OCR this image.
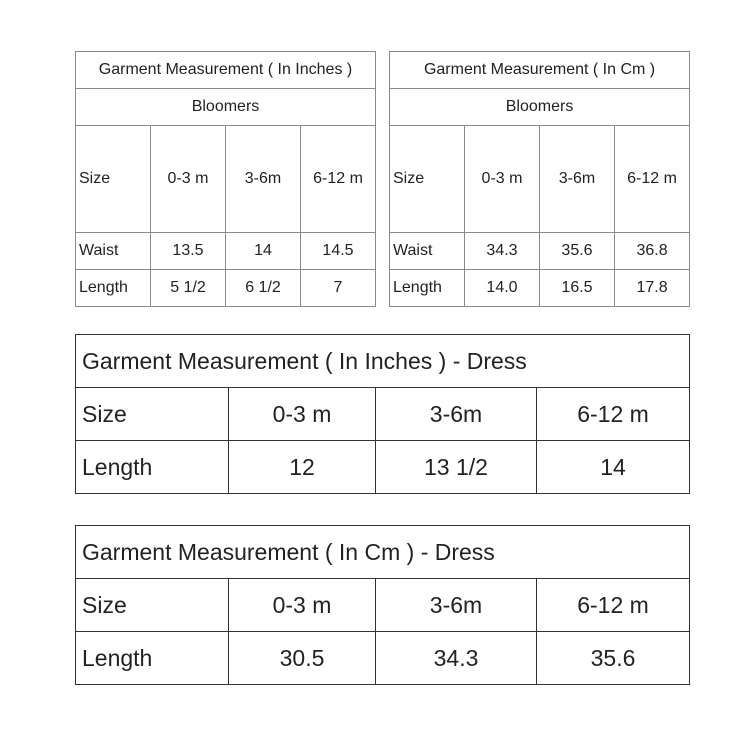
Garment Measurement ( In Inches )			
Bloomers			
Size	0-3 m	3-6m	6-12 m
Waist	13.5	14	14.5
Length	5 1/2	6 1/2	7
Garment Measurement ( In Cm )			
Bloomers			
Size	0-3 m	3-6m	6-12 m
Waist	34.3	35.6	36.8
Length	14.0	16.5	17.8
Garment Measurement ( In Inches ) - Dress			
Size	0-3 m	3-6m	6-12 m
Length	12	13 1/2	14
Garment Measurement ( In Cm ) - Dress			
Size	0-3 m	3-6m	6-12 m
Length	30.5	34.3	35.6
